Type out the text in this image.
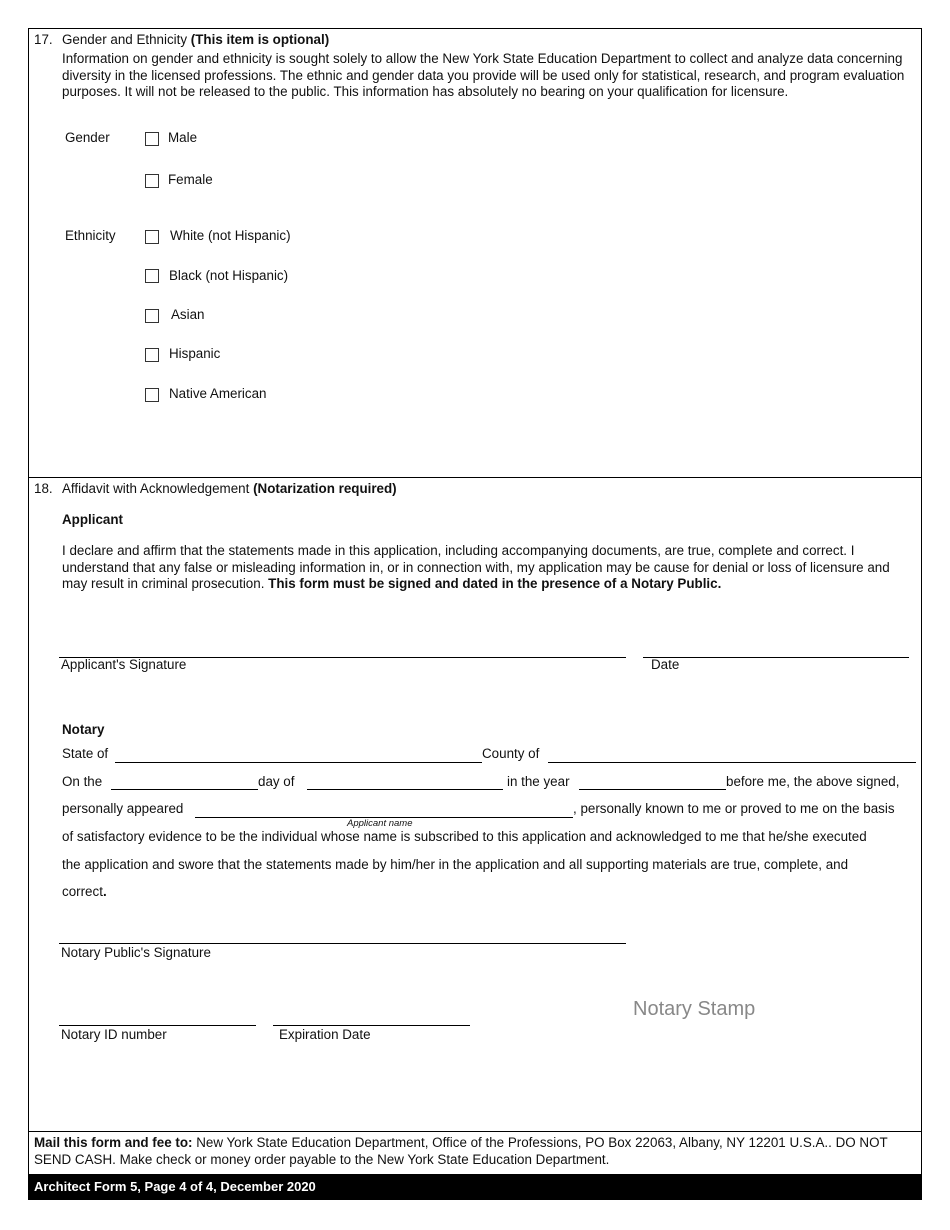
17. Gender and Ethnicity (This item is optional)
Information on gender and ethnicity is sought solely to allow the New York State Education Department to collect and analyze data concerning diversity in the licensed professions. The ethnic and gender data you provide will be used only for statistical, research, and program evaluation purposes. It will not be released to the public. This information has absolutely no bearing on your qualification for licensure.
Gender	Male
Female
Ethnicity	White (not Hispanic)
Black (not Hispanic)
Asian
Hispanic
Native American
18. Affidavit with Acknowledgement (Notarization required)
Applicant
I declare and affirm that the statements made in this application, including accompanying documents, are true, complete and correct. I understand that any false or misleading information in, or in connection with, my application may be cause for denial or loss of licensure and may result in criminal prosecution. This form must be signed and dated in the presence of a Notary Public.
Applicant's Signature	Date
Notary
State of	County of
On the	day of	in the year	before me, the above signed,
personally appeared
Applicant name
, personally known to me or proved to me on the basis
of satisfactory evidence to be the individual whose name is subscribed to this application and acknowledged to me that he/she executed
the application and swore that the statements made by him/her in the application and all supporting materials are true, complete, and
correct.
Notary Public's Signature
Notary ID number	Expiration Date
Notary Stamp
Mail this form and fee to: New York State Education Department, Office of the Professions, PO Box 22063, Albany, NY 12201 U.S.A.. DO NOT SEND CASH. Make check or money order payable to the New York State Education Department.
Architect Form 5, Page 4 of 4, December 2020
